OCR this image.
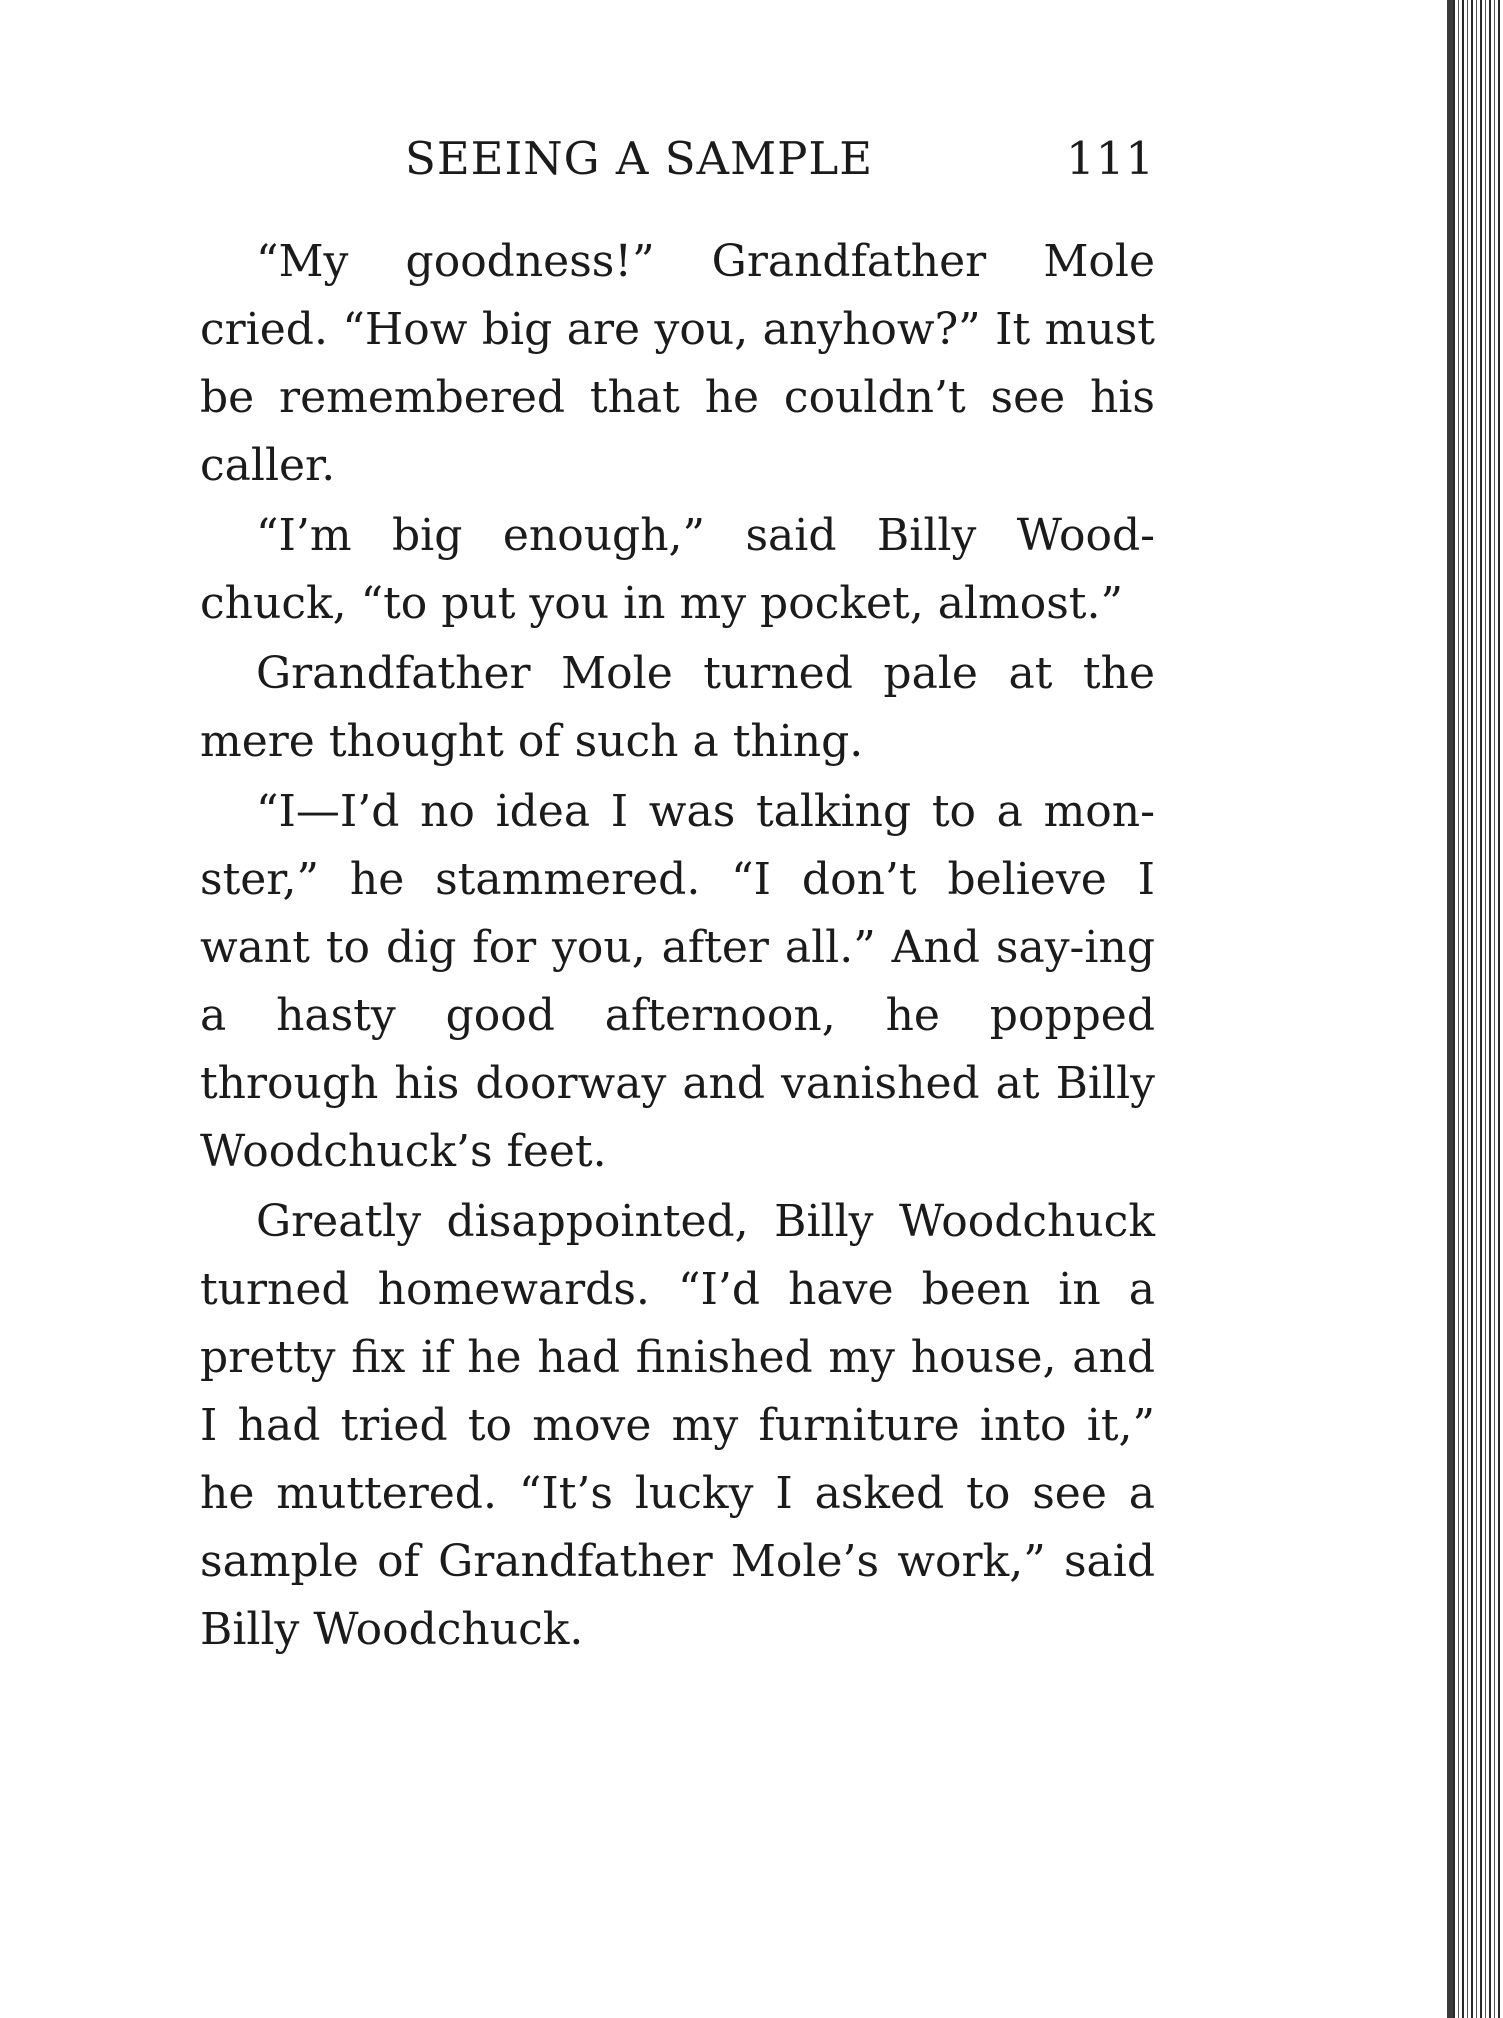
SEEING A SAMPLE	111

“My goodness!” Grandfather Mole cried. “How big are you, anyhow?” It must be remembered that he couldn’t see his caller.

“I’m big enough,” said Billy Wood-chuck, “to put you in my pocket, almost.”

Grandfather Mole turned pale at the mere thought of such a thing.

“I—I’d no idea I was talking to a mon-ster,” he stammered. “I don’t believe I want to dig for you, after all.” And say-ing a hasty good afternoon, he popped through his doorway and vanished at Billy Woodchuck’s feet.

Greatly disappointed, Billy Woodchuck turned homewards. “I’d have been in a pretty fix if he had finished my house, and I had tried to move my furniture into it,” he muttered. “It’s lucky I asked to see a sample of Grandfather Mole’s work,” said Billy Woodchuck.
